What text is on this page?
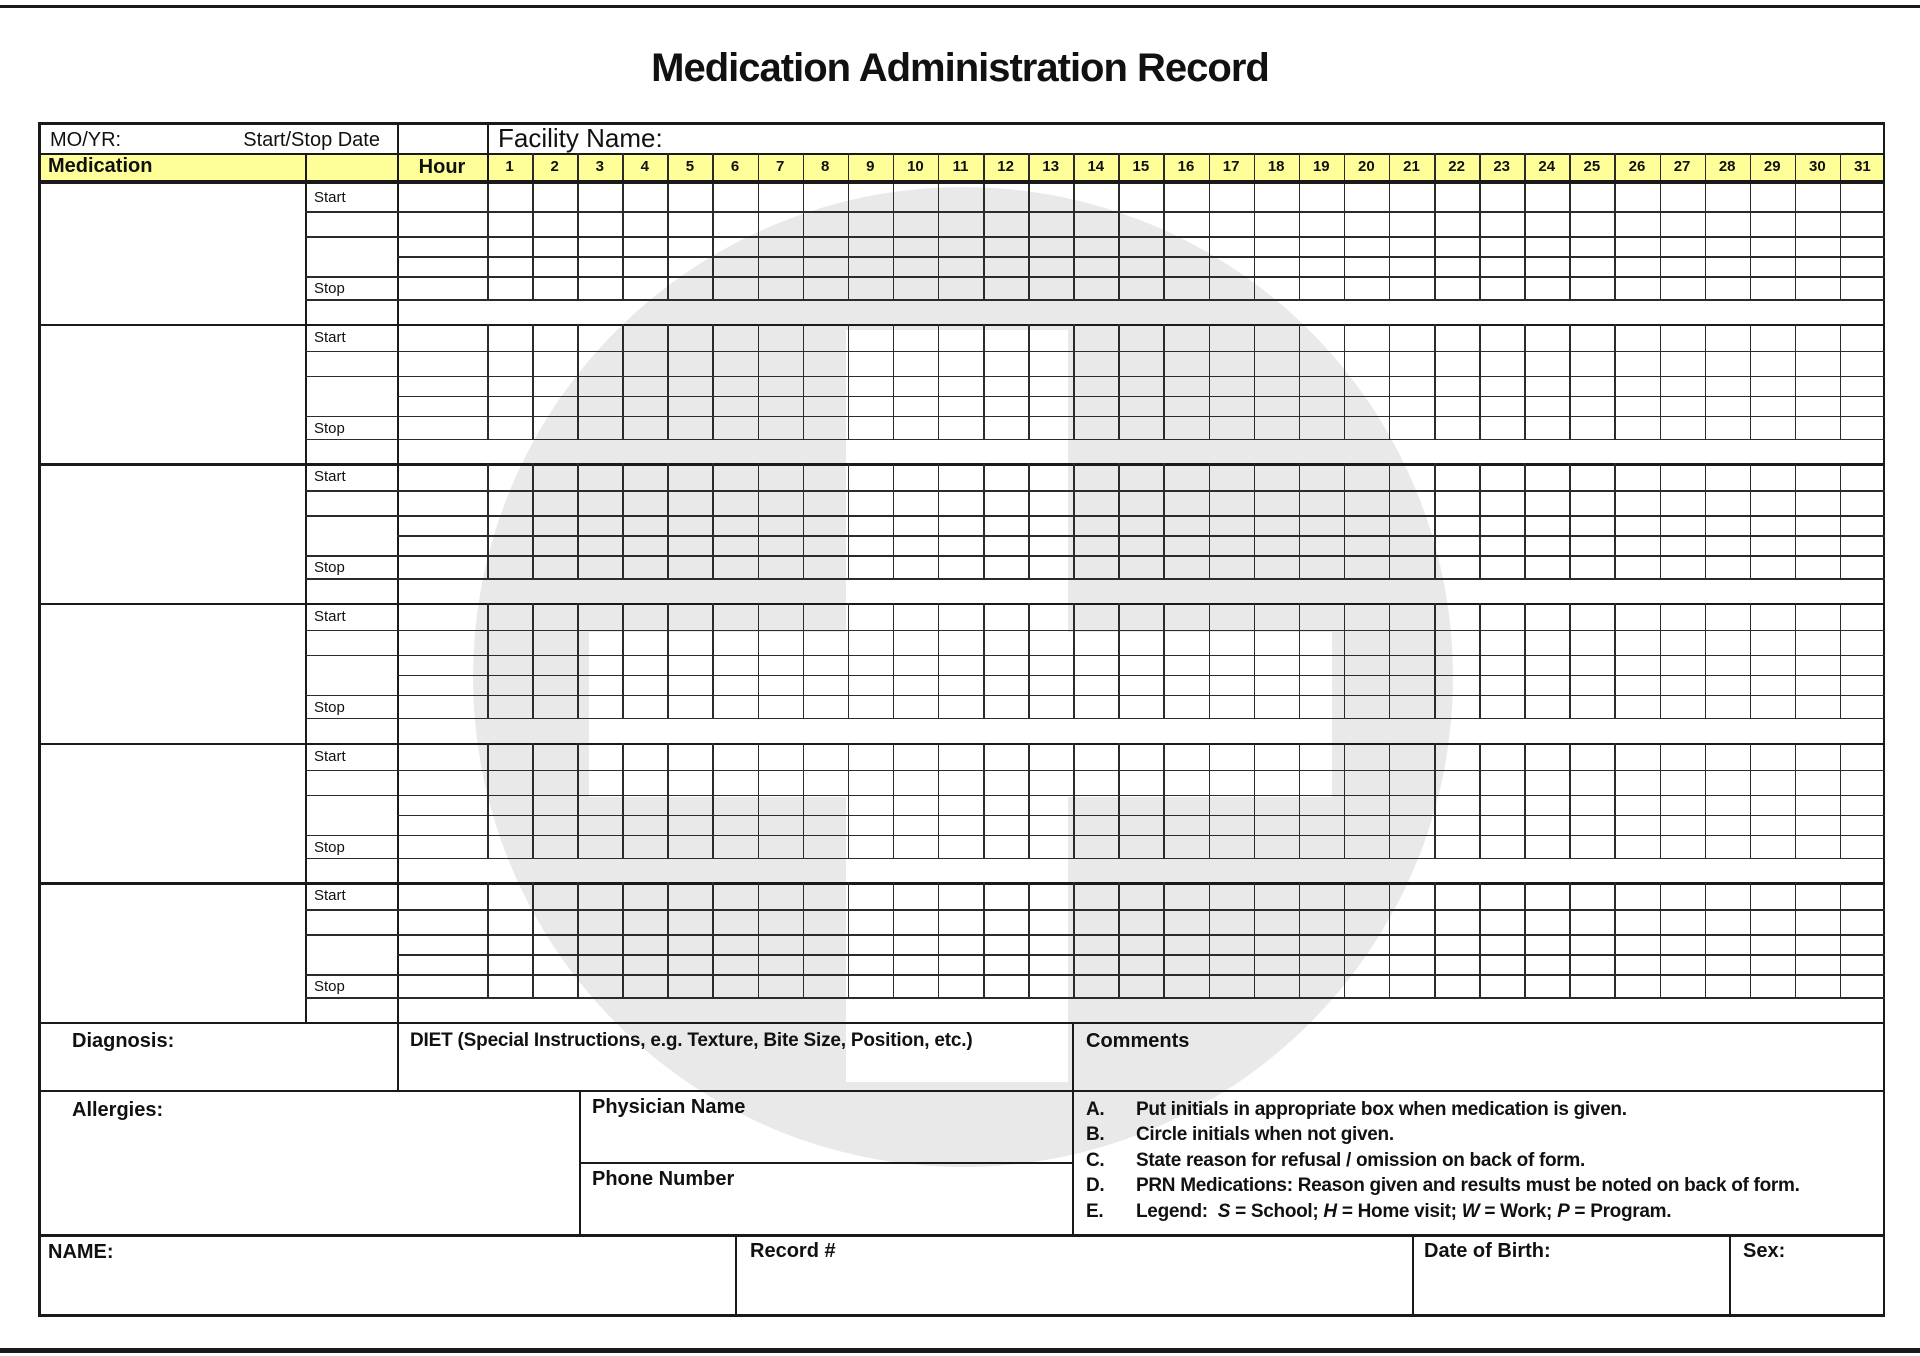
Medication Administration Record
MO/YR:	Start/Stop Date	Facility Name:
Medication	Hour	1	2	3	4	5	6	7	8	9	10	11	12	13	14	15	16	17	18	19	20	21	22	23	24	25	26	27	28	29	30	31
Start
Stop
Start
Stop
Start
Stop
Start
Stop
Start
Stop
Start
Stop
Diagnosis:	DIET (Special Instructions, e.g. Texture, Bite Size, Position, etc.)	Comments
Allergies:	Physician Name
Phone Number
A.	Put initials in appropriate box when medication is given.
B.	Circle initials when not given.
C.	State reason for refusal / omission on back of form.
D.	PRN Medications: Reason given and results must be noted on back of form.
E.	Legend:  S = School; H = Home visit; W = Work; P = Program.
NAME:	Record #	Date of Birth:	Sex:
